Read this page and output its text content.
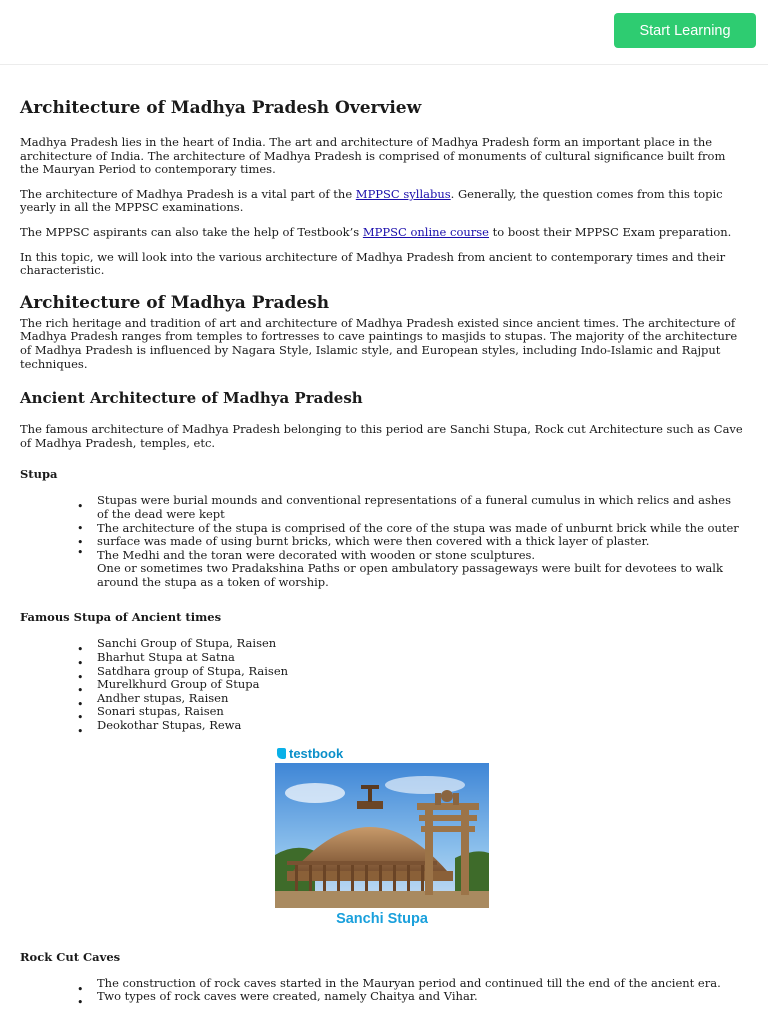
Start Learning
Architecture of Madhya Pradesh Overview

Madhya Pradesh lies in the heart of India. The art and architecture of Madhya Pradesh form an important place in the architecture of India. The architecture of Madhya Pradesh is comprised of monuments of cultural significance built from the Mauryan Period to contemporary times.

The architecture of Madhya Pradesh is a vital part of the MPPSC syllabus. Generally, the question comes from this topic yearly in all the MPPSC examinations.

The MPPSC aspirants can also take the help of Testbook’s MPPSC online course to boost their MPPSC Exam preparation.

In this topic, we will look into the various architecture of Madhya Pradesh from ancient to contemporary times and their characteristic.

Architecture of Madhya Pradesh

The rich heritage and tradition of art and architecture of Madhya Pradesh existed since ancient times. The architecture of Madhya Pradesh ranges from temples to fortresses to cave paintings to masjids to stupas. The majority of the architecture of Madhya Pradesh is influenced by Nagara Style, Islamic style, and European styles, including Indo-Islamic and Rajput techniques.

Ancient Architecture of Madhya Pradesh

The famous architecture of Madhya Pradesh belonging to this period are Sanchi Stupa, Rock cut Architecture such as Cave of Madhya Pradesh, temples, etc.

Stupa
Stupas were burial mounds and conventional representations of a funeral cumulus in which relics and ashes of the dead were kept
The architecture of the stupa is comprised of the core of the stupa was made of unburnt brick while the outer surface was made of using burnt bricks, which were then covered with a thick layer of plaster.
The Medhi and the toran were decorated with wooden or stone sculptures.
One or sometimes two Pradakshina Paths or open ambulatory passageways were built for devotees to walk around the stupa as a token of worship.
•
•
•
•
Famous Stupa of Ancient times
Sanchi Group of Stupa, Raisen
Bharhut Stupa at Satna
Satdhara group of Stupa, Raisen
Murelkhurd Group of Stupa
Andher stupas, Raisen
Sonari stupas, Raisen
Deokothar Stupas, Rewa
•
•
•
•
•
•
•
testbook
Sanchi Stupa
Rock Cut Caves
The construction of rock caves started in the Mauryan period and continued till the end of the ancient era.
Two types of rock caves were created, namely Chaitya and Vihar.
•
•
